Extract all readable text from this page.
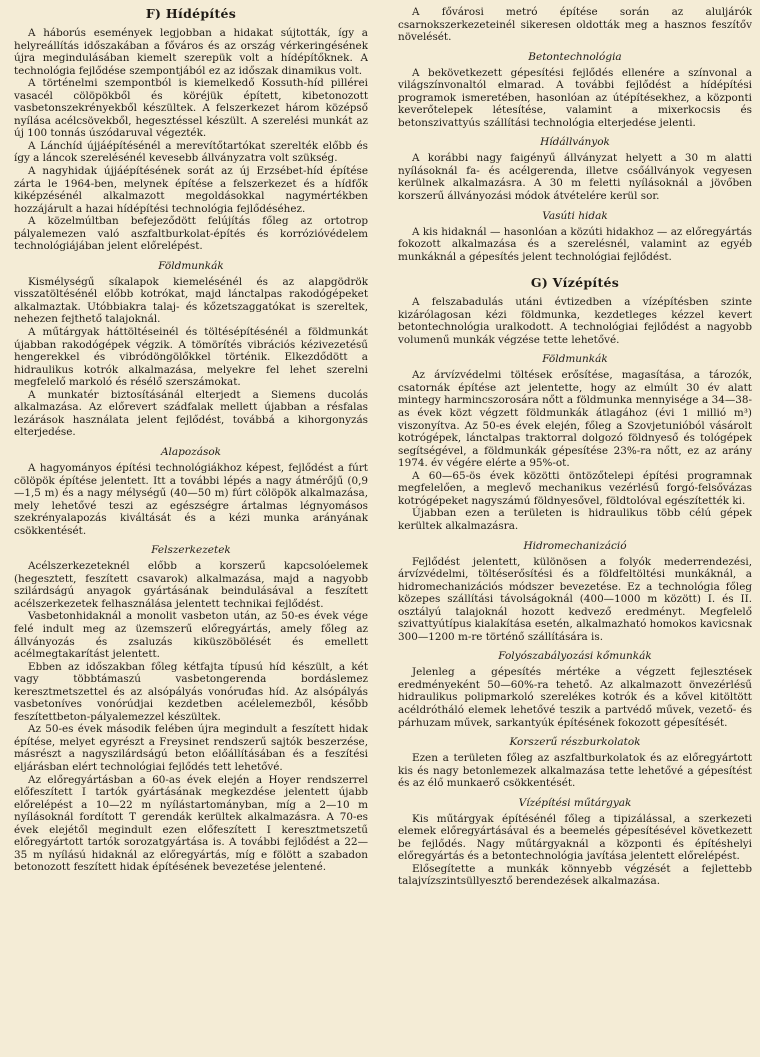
F) Hídépítés

A háborús események legjobban a hidakat sújtották, így a helyreállítás időszakában a főváros és az ország vérkeringésének újra megindulásában kiemelt szerepük volt a hídépítőknek. A technológia fejlődése szempontjából ez az időszak dinamikus volt.

A történelmi szempontból is kiemelkedő Kossuth-híd pillérei vasacél cölöpökből és köréjük épített, kibetonozott vasbetonszekrényekből készültek. A felszerkezet három középső nyílása acélcsövekből, hegesztéssel készült. A szerelési munkát az új 100 tonnás úszódaruval végezték.

A Lánchíd újjáépítésénél a merevítőtartókat szerelték előbb és így a láncok szerelésénél kevesebb állványzatra volt szükség.

A nagyhidak újjáépítésének sorát az új Erzsébet-híd építése zárta le 1964-ben, melynek építése a felszerkezet és a hídfők kiképzésénél alkalmazott megoldásokkal nagymértékben hozzájárult a hazai hídépítési technológia fejlődéséhez.

A közelmúltban befejeződött felújítás főleg az ortotrop pályalemezen való aszfaltburkolat-építés és korrózióvédelem technológiájában jelent előrelépést.

Földmunkák

Kismélységű síkalapok kiemelésénél és az alapgödrök visszatöltésénél előbb kotrókat, majd lánctalpas rakodógépeket alkalmaztak. Utóbbiakra talaj- és kőzetszaggatókat is szereltek, nehezen fejthető talajoknál.

A műtárgyak háttöltéseinél és töltésépítésénél a földmunkát újabban rakodógépek végzik. A tömörítés vibrációs kézivezetésű hengerekkel és vibródöngölőkkel történik. Elkezdődött a hidraulikus kotrók alkalmazása, melyekre fel lehet szerelni megfelelő markoló és résélő szerszámokat.

A munkatér biztosításánál elterjedt a Siemens ducolás alkalmazása. Az előrevert szádfalak mellett újabban a résfalas lezárások használata jelent fejlődést, továbbá a kihorgonyzás elterjedése.

Alapozások

A hagyományos építési technológiákhoz képest, fejlődést a fúrt cölöpök építése jelentett. Itt a további lépés a nagy átmérőjű (0,9—1,5 m) és a nagy mélységű (40—50 m) fúrt cölöpök alkalmazása, mely lehetővé teszi az egészségre ártalmas légnyomásos szekrényalapozás kiváltását és a kézi munka arányának csökkentését.

Felszerkezetek

Acélszerkezeteknél előbb a korszerű kapcsolóelemek (hegesztett, feszített csavarok) alkalmazása, majd a nagyobb szilárdságú anyagok gyártásának beindulásával a feszített acélszerkezetek felhasználása jelentett technikai fejlődést.

Vasbetonhidaknál a monolit vasbeton után, az 50-es évek vége felé indult meg az üzemszerű előregyártás, amely főleg az állványozás és zsaluzás kiküszöbölését és emellett acélmegtakarítást jelentett.

Ebben az időszakban főleg kétfajta típusú híd készült, a két vagy többtámaszú vasbetongerenda bordáslemez keresztmetszettel és az alsópályás vonóruđas híd. Az alsópályás vasbetoníves vonórúdjai kezdetben acélelemezből, később feszítettbeton-pályalemezzel készültek.

Az 50-es évek második felében újra megindult a feszített hidak építése, melyet egyrészt a Freysinet rendszerű sajtók beszerzése, másrészt a nagyszilárdságú beton előállításában és a feszítési eljárásban elért technológiai fejlődés tett lehetővé.

Az előregyártásban a 60-as évek elején a Hoyer rendszerrel előfeszített I tartók gyártásának megkezdése jelentett újabb előrelépést a 10—22 m nyílástartományban, míg a 2—10 m nyílásoknál fordított T gerendák kerültek alkalmazásra. A 70-es évek elejétől megindult ezen előfeszített I keresztmetszetű előregyártott tartók sorozatgyártása is. A további fejlődést a 22—35 m nyílású hidaknál az előregyártás, míg e fölött a szabadon betonozott feszített hidak építésének bevezetése jelentené.

A fővárosi metró építése során az aluljárók csarnokszerkezeteinél sikeresen oldották meg a hasznos feszítőv növelését.

Betontechnológia

A bekövetkezett gépesítési fejlődés ellenére a színvonal a világszínvonaltól elmarad. A további fejlődést a hídépítési programok ismeretében, hasonlóan az útépítésekhez, a központi keverőtelepek létesítése, valamint a mixerkocsis és betonszivattyús szállítási technológia elterjedése jelenti.

Hídállványok

A korábbi nagy faigényű állványzat helyett a 30 m alatti nyílásoknál fa- és acélgerenda, illetve csőállványok vegyesen kerülnek alkalmazásra. A 30 m feletti nyílásoknál a jövőben korszerű állványozási módok átvételére kerül sor.

Vasúti hidak

A kis hidaknál — hasonlóan a közúti hidakhoz — az előregyártás fokozott alkalmazása és a szerelésnél, valamint az egyéb munkáknál a gépesítés jelent technológiai fejlődést.

G) Vízépítés

A felszabadulás utáni évtizedben a vízépítésben szinte kizárólagosan kézi földmunka, kezdetleges kézzel kevert betontechnológia uralkodott. A technológiai fejlődést a nagyobb volumenű munkák végzése tette lehetővé.

Földmunkák

Az árvízvédelmi töltések erősítése, magasítása, a tározók, csatornák építése azt jelentette, hogy az elmúlt 30 év alatt mintegy harmincszorosára nőtt a földmunka mennyisége a 34—38-as évek közt végzett földmunkák átlagához (évi 1 millió m³) viszonyítva. Az 50-es évek elején, főleg a Szovjetunióból vásárolt kotrógépek, lánctalpas traktorral dolgozó földnyeső és tológépek segítségével, a földmunkák gépesítése 23%-ra nőtt, ez az arány 1974. év végére elérte a 95%-ot.

A 60—65-ös évek közötti öntözőtelepi építési programnak megfelelően, a meglevő mechanikus vezérlésű forgó-felsővázas kotrógépeket nagyszámú földnyesővel, földtolóval egészítették ki.

Újabban ezen a területen is hidraulikus több célú gépek kerültek alkalmazásra.

Hidromechanizáció

Fejlődést jelentett, különösen a folyók mederrendezési, árvízvédelmi, töltéserősítési és a földfeltöltési munkáknál, a hidromechanizációs módszer bevezetése. Ez a technológia főleg közepes szállítási távolságoknál (400—1000 m között) I. és II. osztályú talajoknál hozott kedvező eredményt. Megfelelő szivattyútípus kialakítása esetén, alkalmazható homokos kavicsnak 300—1200 m-re történő szállítására is.

Folyószabályozási kőmunkák

Jelenleg a gépesítés mértéke a végzett fejlesztések eredményeként 50—60%-ra tehető. Az alkalmazott önvezérlésű hidraulikus polipmarkoló szerelékes kotrók és a kővel kitöltött acéldrótháló elemek lehetővé teszik a partvédő művek, vezető- és párhuzam művek, sarkantyúk építésének fokozott gépesítését.

Korszerű részburkolatok

Ezen a területen főleg az aszfaltburkolatok és az előregyártott kis és nagy betonlemezek alkalmazása tette lehetővé a gépesítést és az élő munkaerő csökkentését.

Vízépítési műtárgyak

Kis műtárgyak építésénél főleg a tipizálással, a szerkezeti elemek előregyártásával és a beemelés gépesítésével következett be fejlődés. Nagy műtárgyaknál a központi és építéshelyi előregyártás és a betontechnológia javítása jelentett előrelépést.

Elősegítette a munkák könnyebb végzését a fejlettebb talajvízszintsüllyesztő berendezések alkalmazása.
